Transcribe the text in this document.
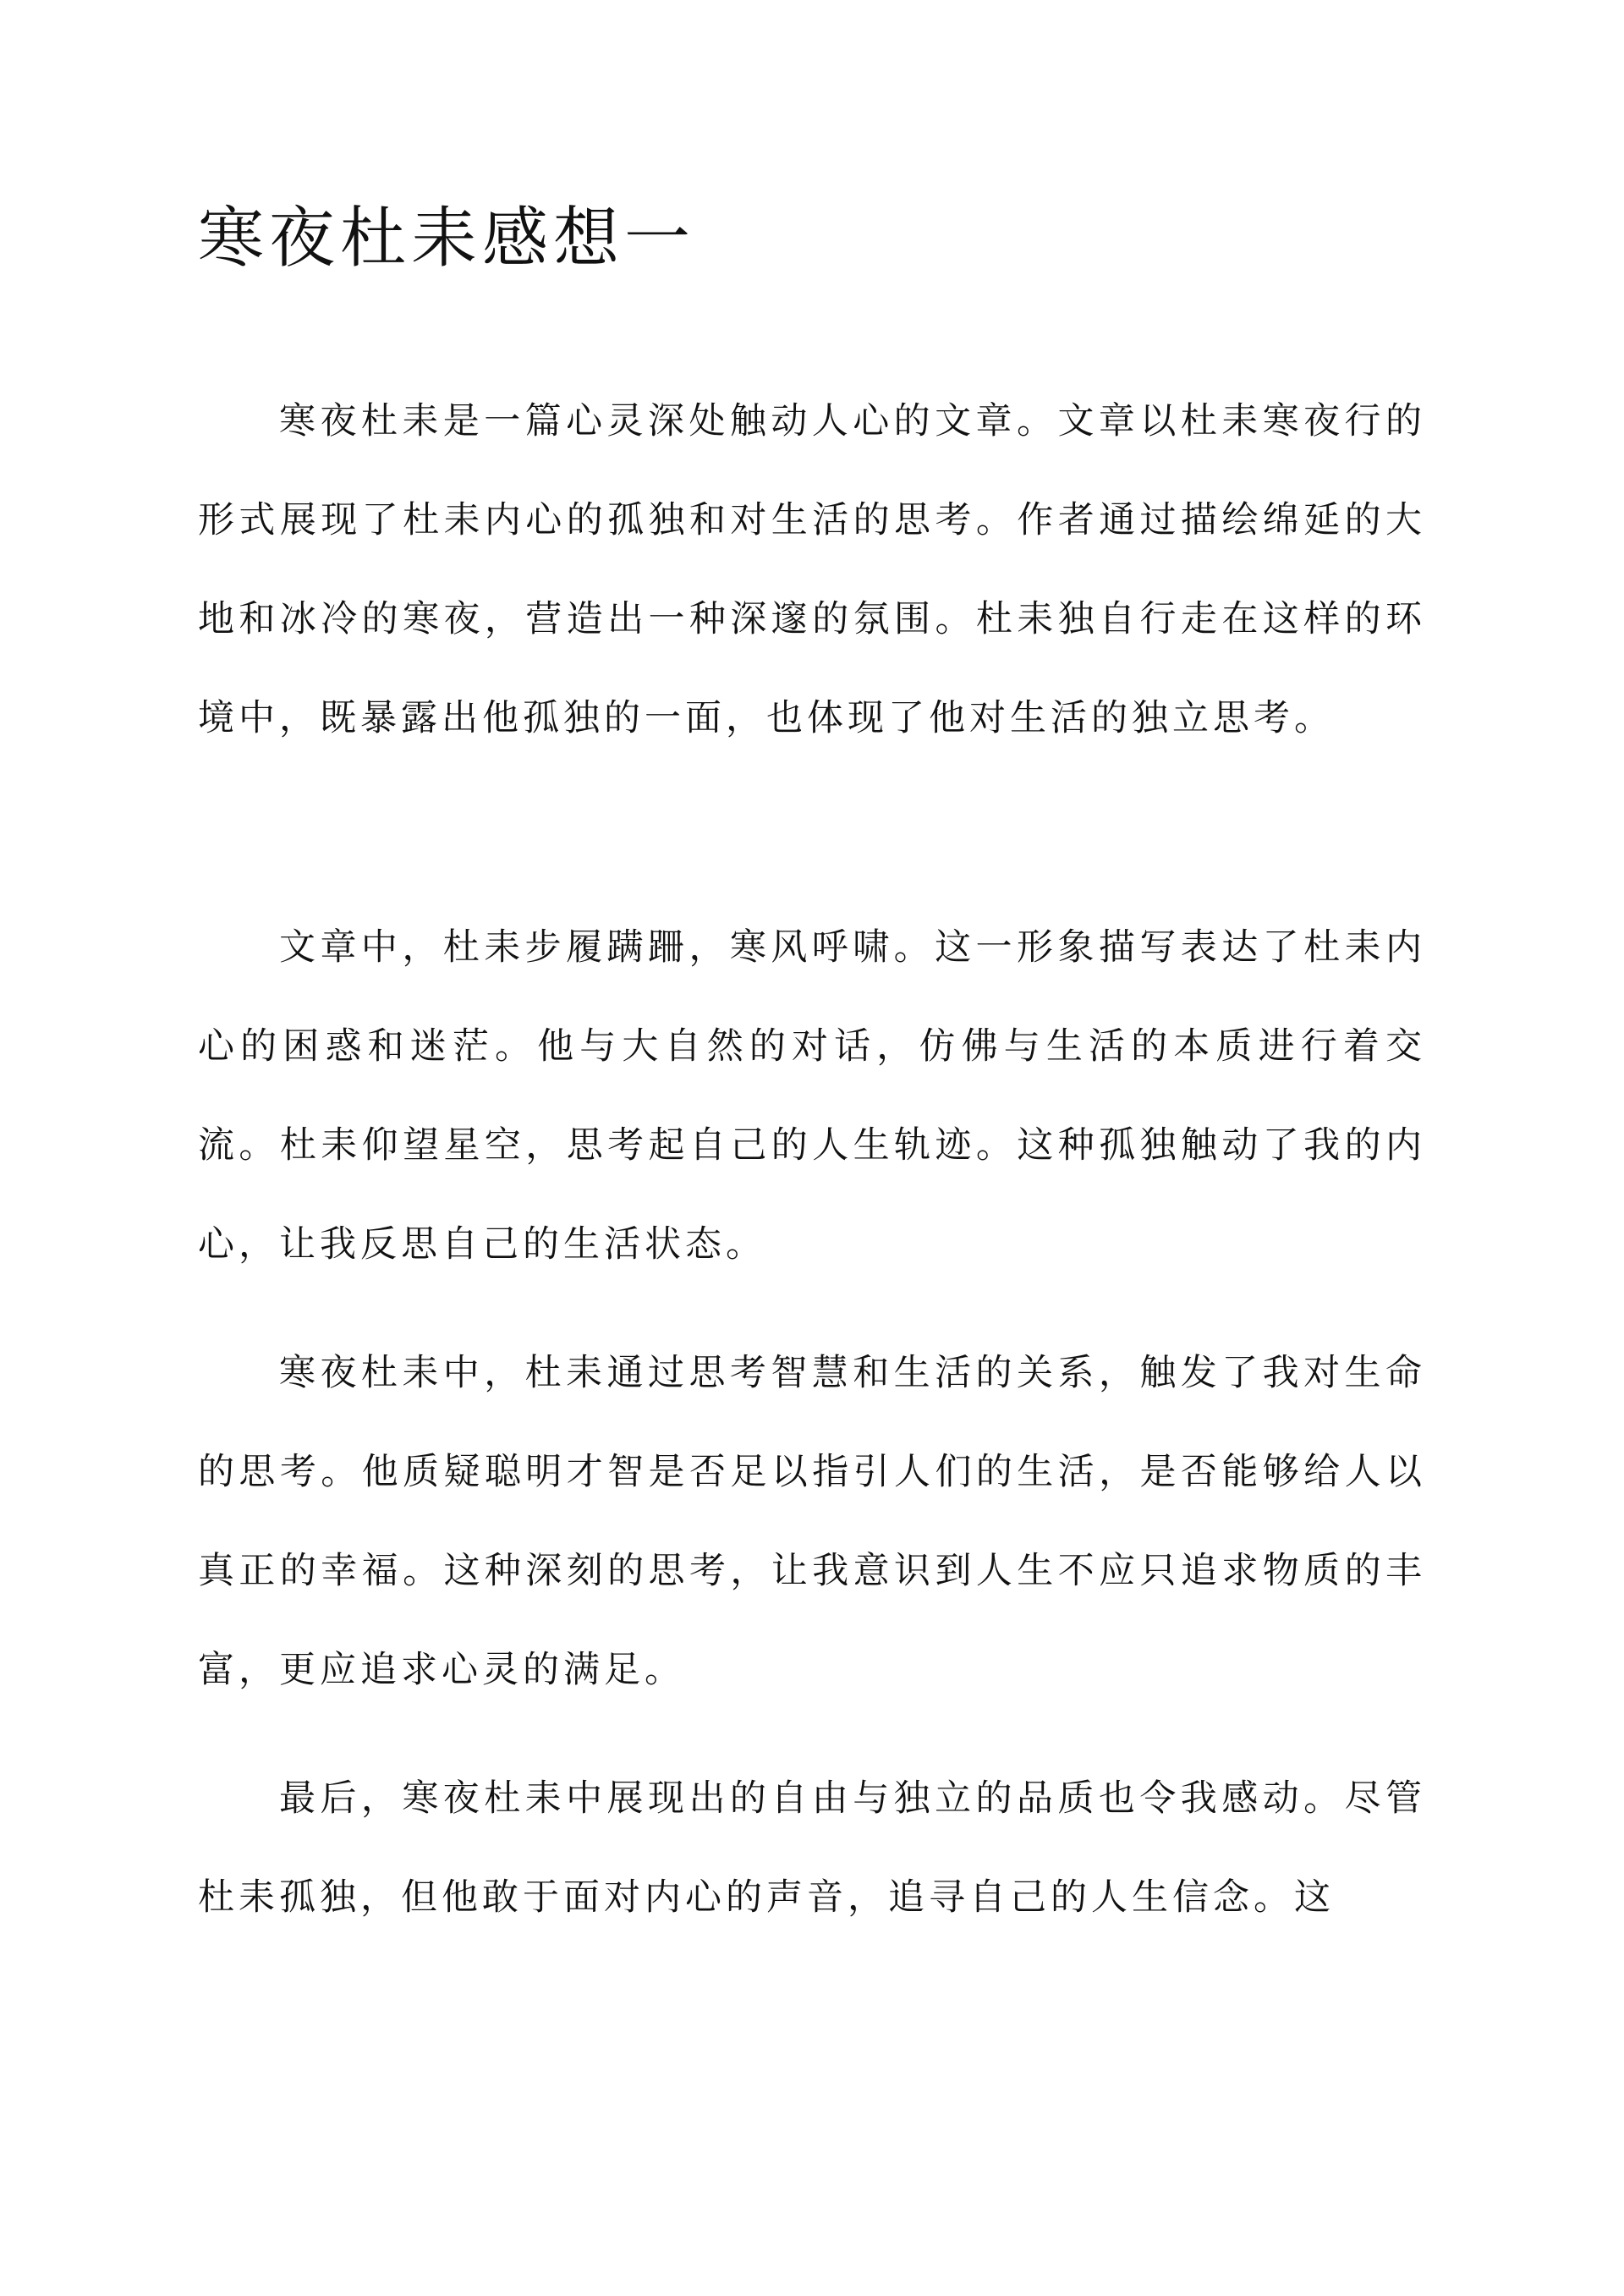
寒夜杜耒感想一

寒夜杜耒是一篇心灵深处触动人心的文章。文章以杜耒寒夜行的形式展现了杜耒内心的孤独和对生活的思考。作者通过描绘绵延的大地和冰冷的寒夜，营造出一种深邃的氛围。杜耒独自行走在这样的环境中，既暴露出他孤独的一面，也体现了他对生活的独立思考。

文章中，杜耒步履蹒跚，寒风呼啸。这一形象描写表达了杜耒内心的困惑和迷茫。他与大自然的对话，仿佛与生活的本质进行着交流。杜耒仰望星空，思考起自己的人生轨迹。这种孤独触动了我的内心，让我反思自己的生活状态。

寒夜杜耒中，杜耒通过思考智慧和生活的关系，触发了我对生命的思考。他质疑聪明才智是否足以指引人们的生活，是否能够给人以真正的幸福。这种深刻的思考，让我意识到人生不应只追求物质的丰富，更应追求心灵的满足。

最后，寒夜杜耒中展现出的自由与独立的品质也令我感动。尽管杜耒孤独，但他敢于面对内心的声音，追寻自己的人生信念。这
